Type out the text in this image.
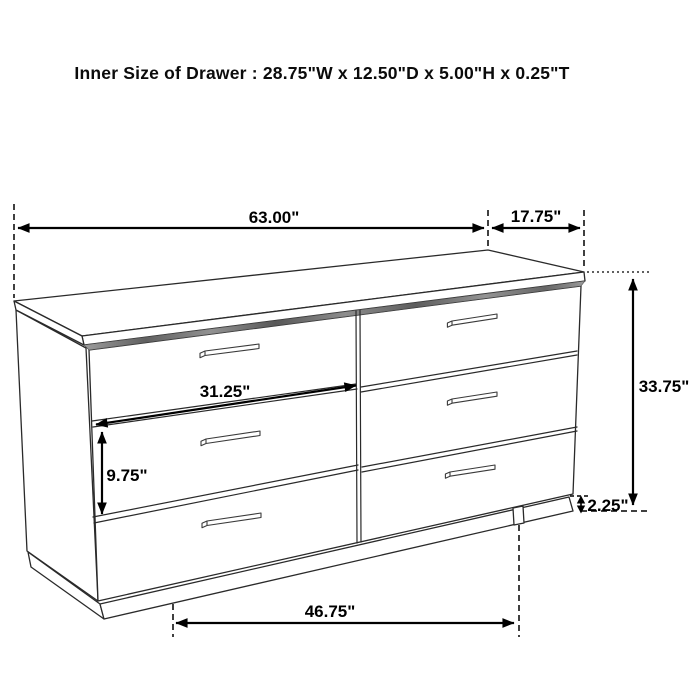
Inner Size of Drawer : 28.75"W x 12.50"D x 5.00"H x 0.25"T
63.00"	17.75"
31.25"
9.75"
33.75"
2.25"
46.75"
